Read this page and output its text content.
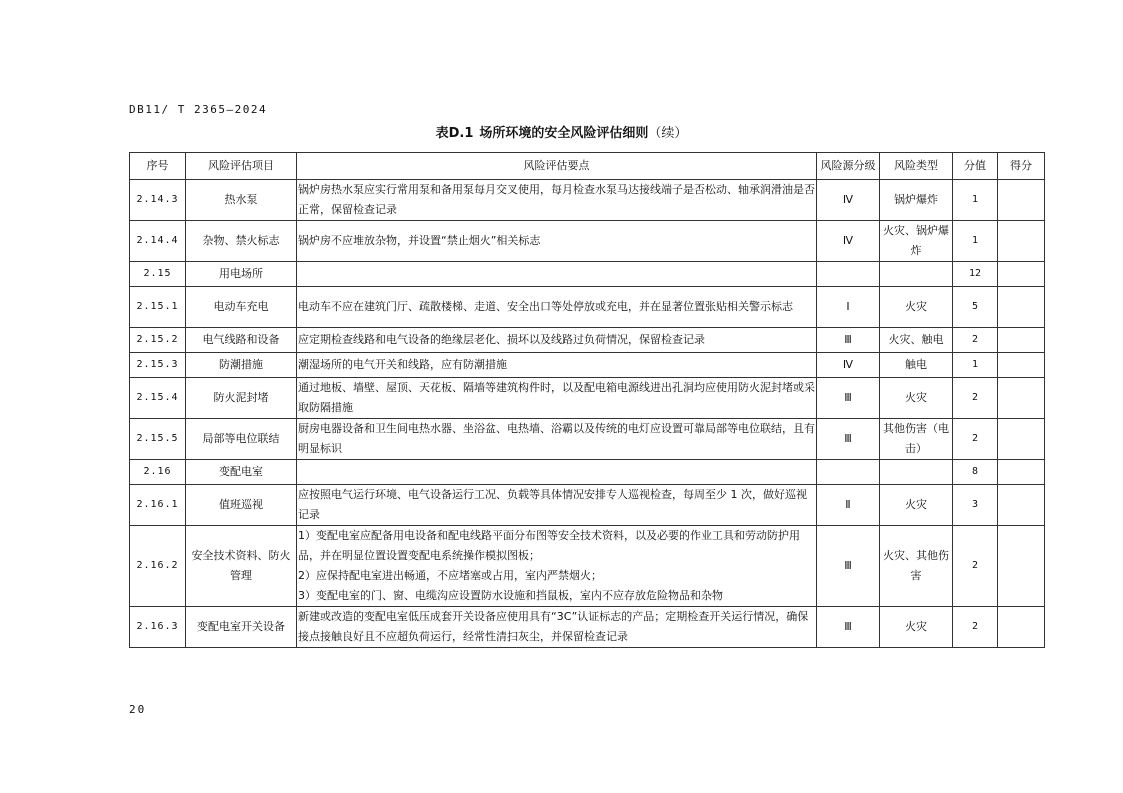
DB11/ T 2365—2024
表D.1 场所环境的安全风险评估细则（续）
序号	风险评估项目	风险评估要点	风险源分级	风险类型	分值	得分
2.14.3	热水泵	锅炉房热水泵应实行常用泵和备用泵每月交叉使用，每月检查水泵马达接线端子是否松动、轴承润滑油是否正常，保留检查记录	Ⅳ	锅炉爆炸	1	
2.14.4	杂物、禁火标志	锅炉房不应堆放杂物，并设置“禁止烟火”相关标志	Ⅳ	火灾、锅炉爆炸	1	
2.15	用电场所				12	
2.15.1	电动车充电	电动车不应在建筑门厅、疏散楼梯、走道、安全出口等处停放或充电，并在显著位置张贴相关警示标志	Ⅰ	火灾	5	
2.15.2	电气线路和设备	应定期检查线路和电气设备的绝缘层老化、损坏以及线路过负荷情况，保留检查记录	Ⅲ	火灾、触电	2	
2.15.3	防潮措施	潮湿场所的电气开关和线路，应有防潮措施	Ⅳ	触电	1	
2.15.4	防火泥封堵	通过地板、墙壁、屋顶、天花板、隔墙等建筑构件时，以及配电箱电源线进出孔洞均应使用防火泥封堵或采取防隔措施	Ⅲ	火灾	2	
2.15.5	局部等电位联结	厨房电器设备和卫生间电热水器、坐浴盆、电热墙、浴霸以及传统的电灯应设置可靠局部等电位联结，且有明显标识	Ⅲ	其他伤害（电击）	2	
2.16	变配电室				8	
2.16.1	值班巡视	应按照电气运行环境、电气设备运行工况、负载等具体情况安排专人巡视检查，每周至少 1 次，做好巡视记录	Ⅱ	火灾	3	
2.16.2	安全技术资料、防火管理	1）变配电室应配备用电设备和配电线路平面分布图等安全技术资料，以及必要的作业工具和劳动防护用品，并在明显位置设置变配电系统操作模拟图板；
2）应保持配电室进出畅通，不应堵塞或占用，室内严禁烟火；
3）变配电室的门、窗、电缆沟应设置防水设施和挡鼠板，室内不应存放危险物品和杂物	Ⅲ	火灾、其他伤害	2	
2.16.3	变配电室开关设备	新建或改造的变配电室低压成套开关设备应使用具有“3C”认证标志的产品；定期检查开关运行情况，确保接点接触良好且不应超负荷运行，经常性清扫灰尘，并保留检查记录	Ⅲ	火灾	2	
20
